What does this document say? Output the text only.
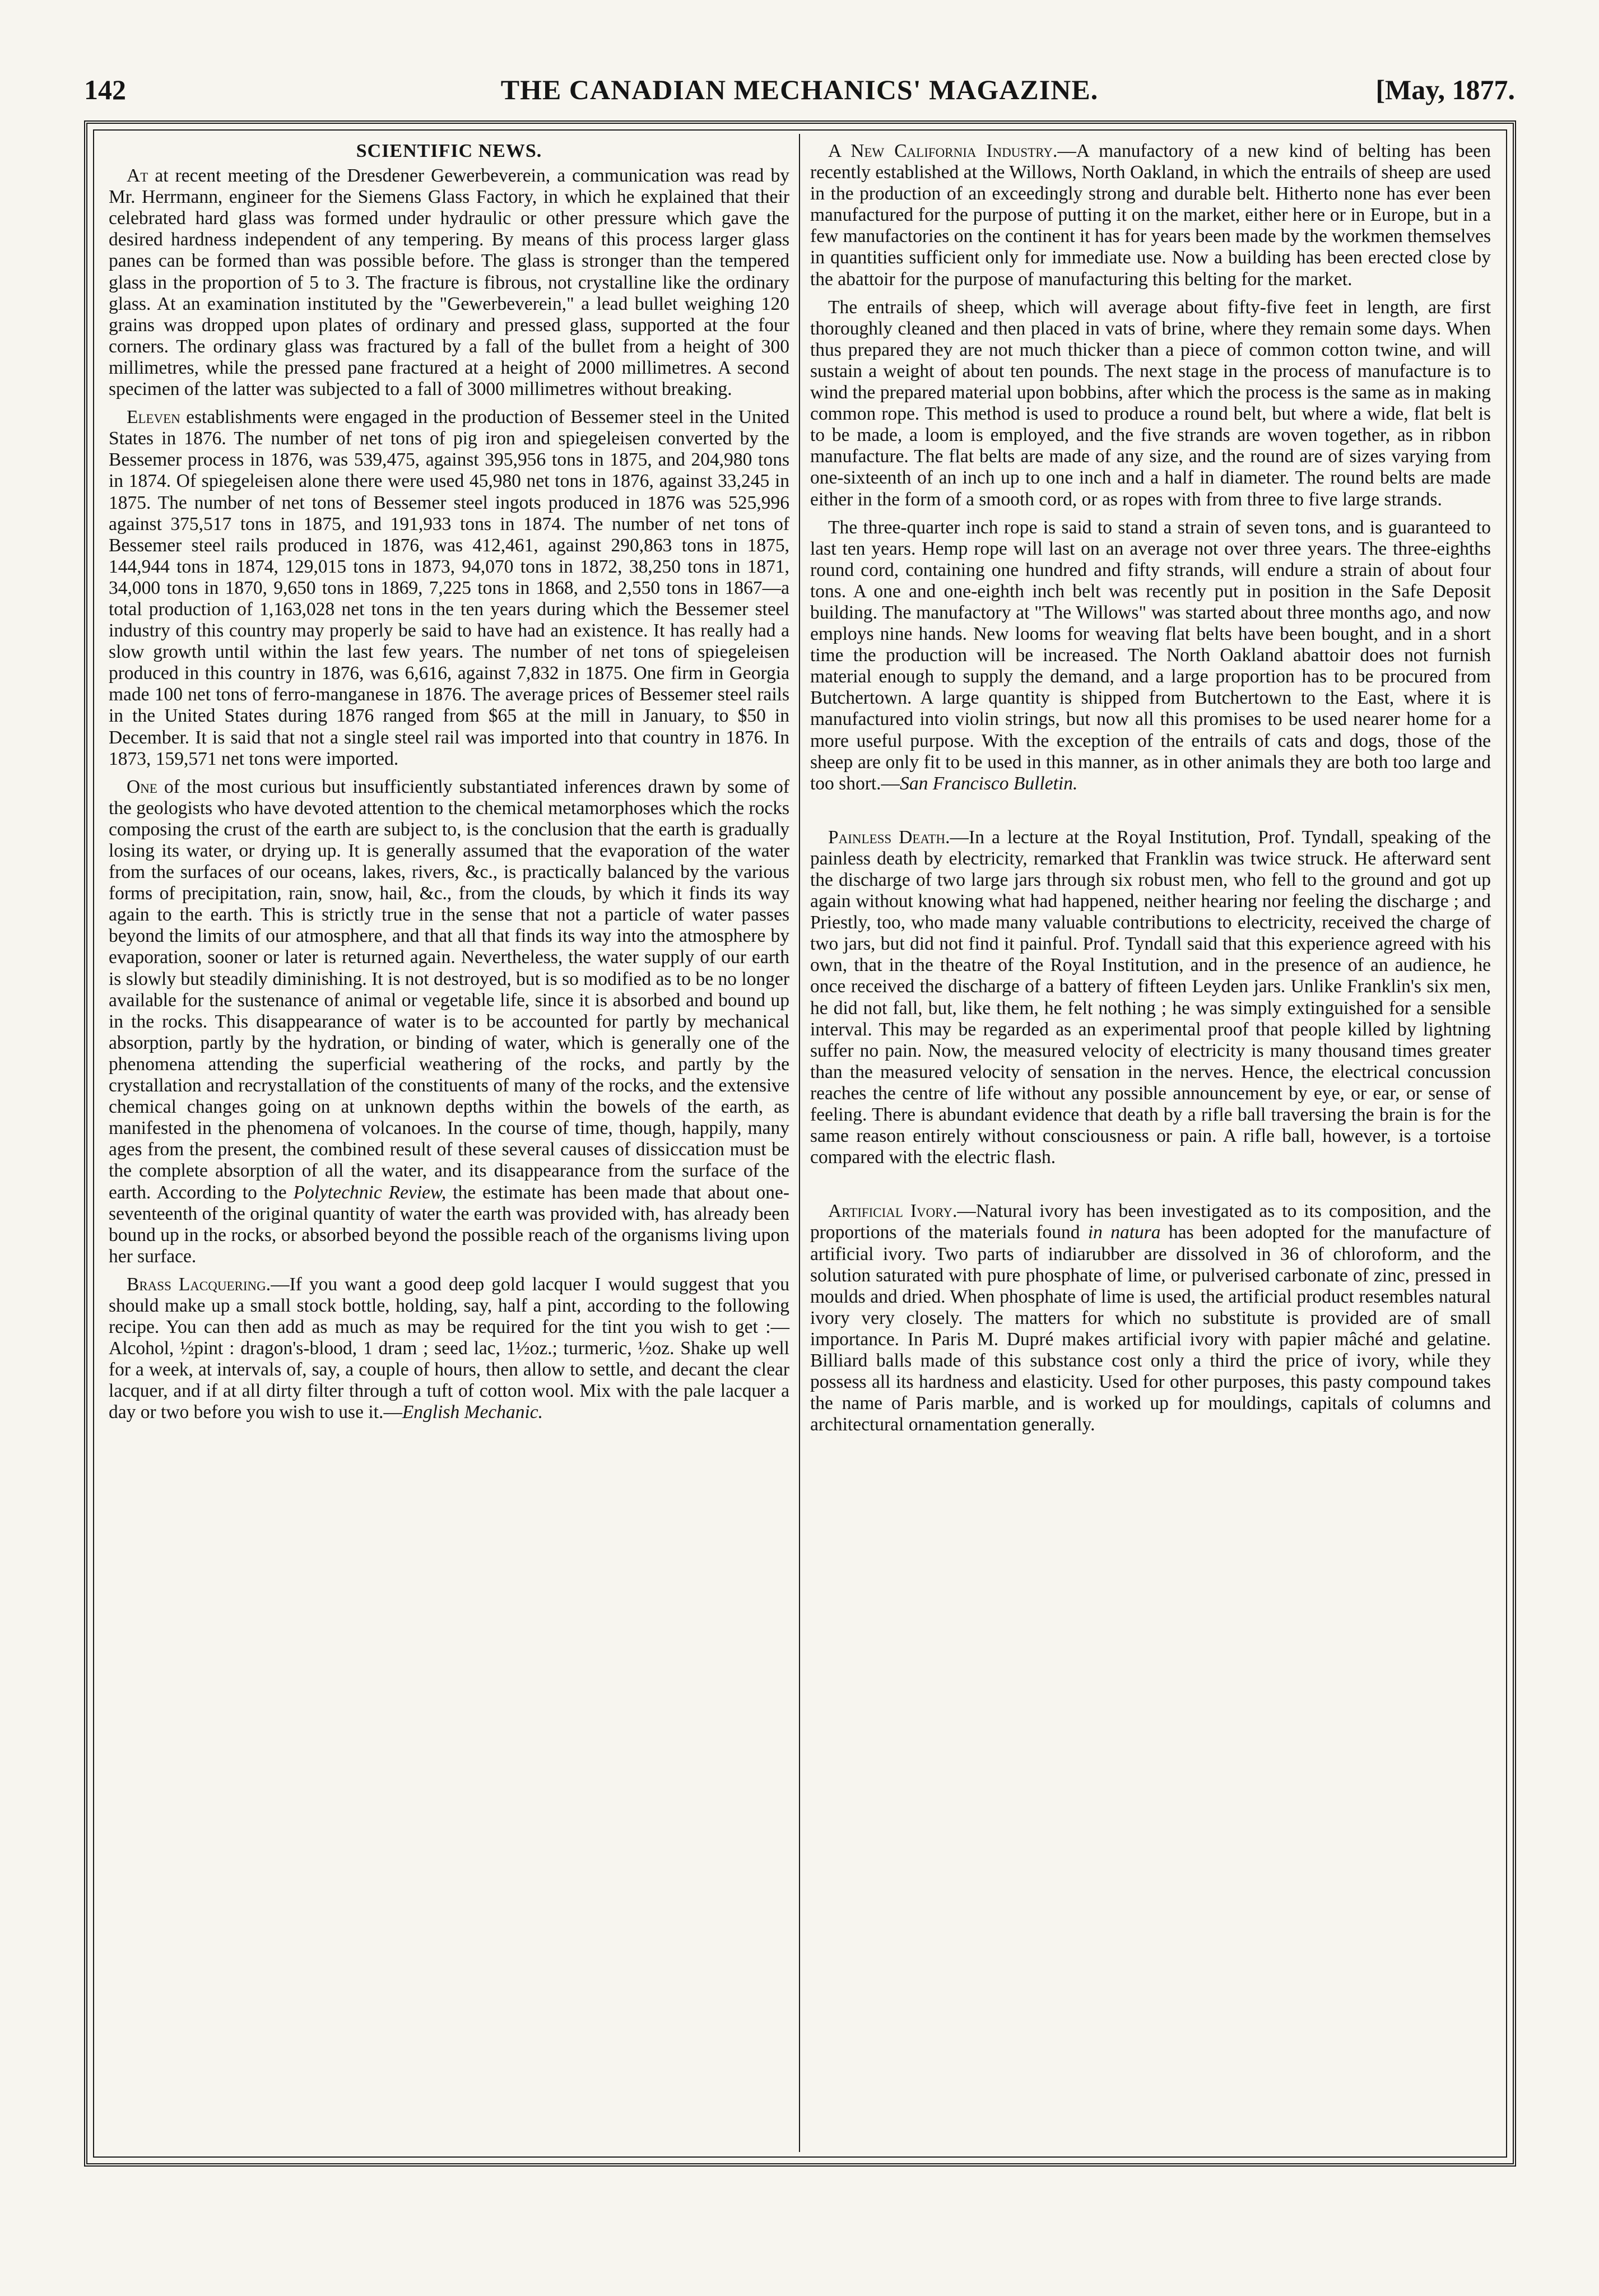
142	THE CANADIAN MECHANICS' MAGAZINE.	[May, 1877.
SCIENTIFIC NEWS.

At at recent meeting of the Dresdener Gewerbeverein, a communication was read by Mr. Herrmann, engineer for the Siemens Glass Factory, in which he explained that their celebrated hard glass was formed under hydraulic or other pressure which gave the desired hardness independent of any tempering. By means of this process larger glass panes can be formed than was possible before. The glass is stronger than the tempered glass in the proportion of 5 to 3. The fracture is fibrous, not crystalline like the ordinary glass. At an examination instituted by the "Gewerbeverein," a lead bullet weighing 120 grains was dropped upon plates of ordinary and pressed glass, supported at the four corners. The ordinary glass was fractured by a fall of the bullet from a height of 300 millimetres, while the pressed pane fractured at a height of 2000 millimetres. A second specimen of the latter was subjected to a fall of 3000 millimetres without breaking.

Eleven establishments were engaged in the production of Bessemer steel in the United States in 1876. The number of net tons of pig iron and spiegeleisen converted by the Bessemer process in 1876, was 539,475, against 395,956 tons in 1875, and 204,980 tons in 1874. Of spiegeleisen alone there were used 45,980 net tons in 1876, against 33,245 in 1875. The number of net tons of Bessemer steel ingots produced in 1876 was 525,996 against 375,517 tons in 1875, and 191,933 tons in 1874. The number of net tons of Bessemer steel rails produced in 1876, was 412,461, against 290,863 tons in 1875, 144,944 tons in 1874, 129,015 tons in 1873, 94,070 tons in 1872, 38,250 tons in 1871, 34,000 tons in 1870, 9,650 tons in 1869, 7,225 tons in 1868, and 2,550 tons in 1867—a total production of 1,163,028 net tons in the ten years during which the Bessemer steel industry of this country may properly be said to have had an existence. It has really had a slow growth until within the last few years. The number of net tons of spiegeleisen produced in this country in 1876, was 6,616, against 7,832 in 1875. One firm in Georgia made 100 net tons of ferro-manganese in 1876. The average prices of Bessemer steel rails in the United States during 1876 ranged from $65 at the mill in January, to $50 in December. It is said that not a single steel rail was imported into that country in 1876. In 1873, 159,571 net tons were imported.

One of the most curious but insufficiently substantiated inferences drawn by some of the geologists who have devoted attention to the chemical metamorphoses which the rocks composing the crust of the earth are subject to, is the conclusion that the earth is gradually losing its water, or drying up. It is generally assumed that the evaporation of the water from the surfaces of our oceans, lakes, rivers, &c., is practically balanced by the various forms of precipitation, rain, snow, hail, &c., from the clouds, by which it finds its way again to the earth. This is strictly true in the sense that not a particle of water passes beyond the limits of our atmosphere, and that all that finds its way into the atmosphere by evaporation, sooner or later is returned again. Nevertheless, the water supply of our earth is slowly but steadily diminishing. It is not destroyed, but is so modified as to be no longer available for the sustenance of animal or vegetable life, since it is absorbed and bound up in the rocks. This disappearance of water is to be accounted for partly by mechanical absorption, partly by the hydration, or binding of water, which is generally one of the phenomena attending the superficial weathering of the rocks, and partly by the crystallation and recrystallation of the constituents of many of the rocks, and the extensive chemical changes going on at unknown depths within the bowels of the earth, as manifested in the phenomena of volcanoes. In the course of time, though, happily, many ages from the present, the combined result of these several causes of dissiccation must be the complete absorption of all the water, and its disappearance from the surface of the earth. According to the Polytechnic Review, the estimate has been made that about one-seventeenth of the original quantity of water the earth was provided with, has already been bound up in the rocks, or absorbed beyond the possible reach of the organisms living upon her surface.

Brass Lacquering.—If you want a good deep gold lacquer I would suggest that you should make up a small stock bottle, holding, say, half a pint, according to the following recipe. You can then add as much as may be required for the tint you wish to get :—Alcohol, ½pint : dragon's-blood, 1 dram ; seed lac, 1½oz.; turmeric, ½oz. Shake up well for a week, at intervals of, say, a couple of hours, then allow to settle, and decant the clear lacquer, and if at all dirty filter through a tuft of cotton wool. Mix with the pale lacquer a day or two before you wish to use it.—English Mechanic.

A New California Industry.—A manufactory of a new kind of belting has been recently established at the Willows, North Oakland, in which the entrails of sheep are used in the production of an exceedingly strong and durable belt. Hitherto none has ever been manufactured for the purpose of putting it on the market, either here or in Europe, but in a few manufactories on the continent it has for years been made by the workmen themselves in quantities sufficient only for immediate use. Now a building has been erected close by the abattoir for the purpose of manufacturing this belting for the market.

The entrails of sheep, which will average about fifty-five feet in length, are first thoroughly cleaned and then placed in vats of brine, where they remain some days. When thus prepared they are not much thicker than a piece of common cotton twine, and will sustain a weight of about ten pounds. The next stage in the process of manufacture is to wind the prepared material upon bobbins, after which the process is the same as in making common rope. This method is used to produce a round belt, but where a wide, flat belt is to be made, a loom is employed, and the five strands are woven together, as in ribbon manufacture. The flat belts are made of any size, and the round are of sizes varying from one-sixteenth of an inch up to one inch and a half in diameter. The round belts are made either in the form of a smooth cord, or as ropes with from three to five large strands.

The three-quarter inch rope is said to stand a strain of seven tons, and is guaranteed to last ten years. Hemp rope will last on an average not over three years. The three-eighths round cord, containing one hundred and fifty strands, will endure a strain of about four tons. A one and one-eighth inch belt was recently put in position in the Safe Deposit building. The manufactory at "The Willows" was started about three months ago, and now employs nine hands. New looms for weaving flat belts have been bought, and in a short time the production will be increased. The North Oakland abattoir does not furnish material enough to supply the demand, and a large proportion has to be procured from Butchertown. A large quantity is shipped from Butchertown to the East, where it is manufactured into violin strings, but now all this promises to be used nearer home for a more useful purpose. With the exception of the entrails of cats and dogs, those of the sheep are only fit to be used in this manner, as in other animals they are both too large and too short.—San Francisco Bulletin.

Painless Death.—In a lecture at the Royal Institution, Prof. Tyndall, speaking of the painless death by electricity, remarked that Franklin was twice struck. He afterward sent the discharge of two large jars through six robust men, who fell to the ground and got up again without knowing what had happened, neither hearing nor feeling the discharge ; and Priestly, too, who made many valuable contributions to electricity, received the charge of two jars, but did not find it painful. Prof. Tyndall said that this experience agreed with his own, that in the theatre of the Royal Institution, and in the presence of an audience, he once received the discharge of a battery of fifteen Leyden jars. Unlike Franklin's six men, he did not fall, but, like them, he felt nothing ; he was simply extinguished for a sensible interval. This may be regarded as an experimental proof that people killed by lightning suffer no pain. Now, the measured velocity of electricity is many thousand times greater than the measured velocity of sensation in the nerves. Hence, the electrical concussion reaches the centre of life without any possible announcement by eye, or ear, or sense of feeling. There is abundant evidence that death by a rifle ball traversing the brain is for the same reason entirely without consciousness or pain. A rifle ball, however, is a tortoise compared with the electric flash.

Artificial Ivory.—Natural ivory has been investigated as to its composition, and the proportions of the materials found in natura has been adopted for the manufacture of artificial ivory. Two parts of indiarubber are dissolved in 36 of chloroform, and the solution saturated with pure phosphate of lime, or pulverised carbonate of zinc, pressed in moulds and dried. When phosphate of lime is used, the artificial product resembles natural ivory very closely. The matters for which no substitute is provided are of small importance. In Paris M. Dupré makes artificial ivory with papier mâché and gelatine. Billiard balls made of this substance cost only a third the price of ivory, while they possess all its hardness and elasticity. Used for other purposes, this pasty compound takes the name of Paris marble, and is worked up for mouldings, capitals of columns and architectural ornamentation generally.
